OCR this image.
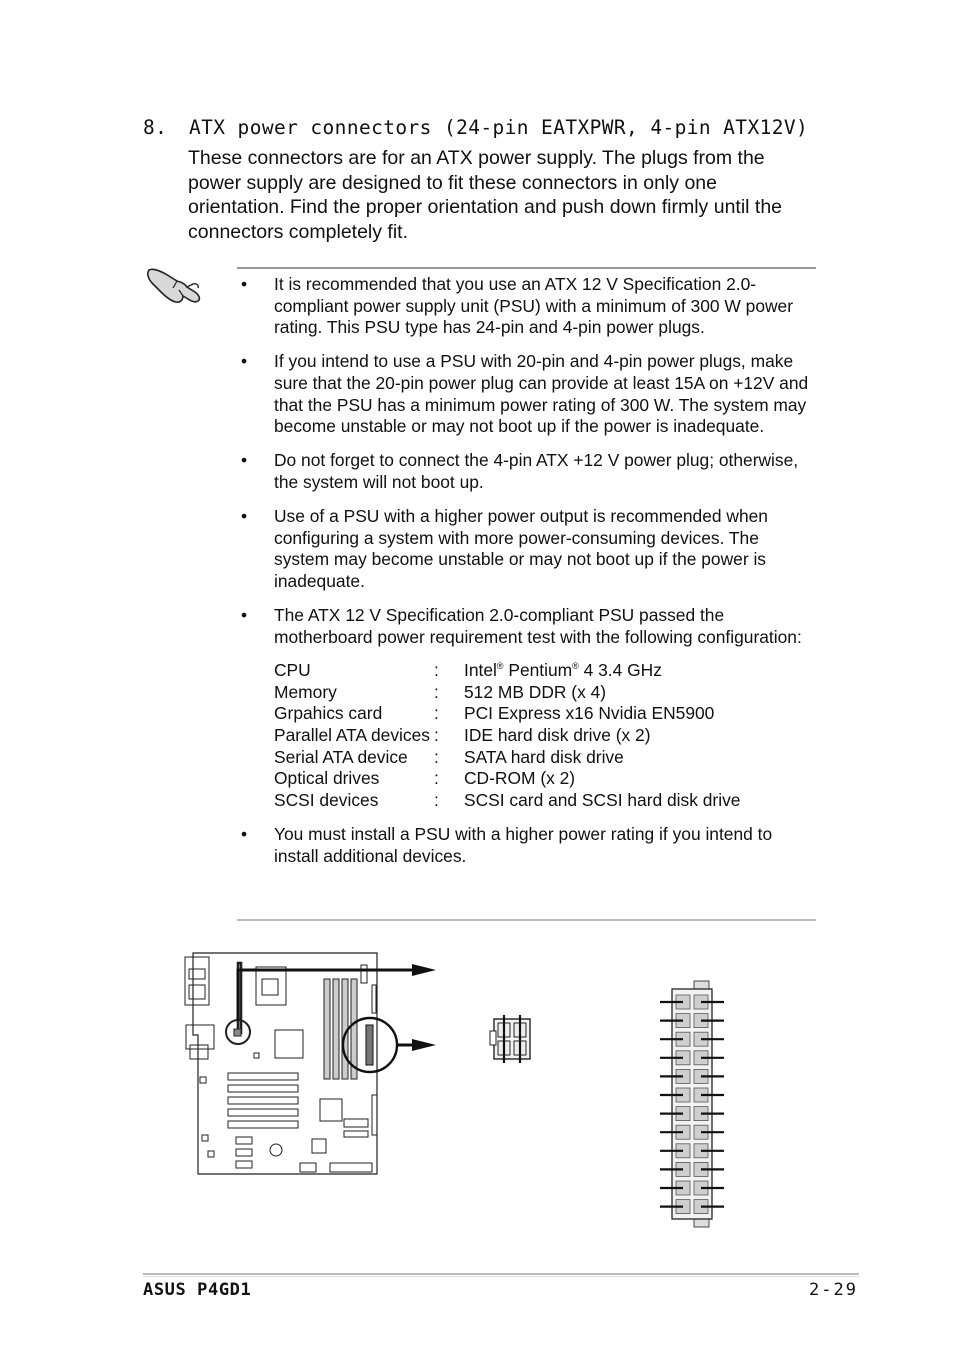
8. ATX power connectors (24-pin EATXPWR, 4-pin ATX12V)
These connectors are for an ATX power supply. The plugs from the power supply are designed to fit these connectors in only one orientation. Find the proper orientation and push down firmly until the connectors completely fit.
• It is recommended that you use an ATX 12 V Specification 2.0-compliant power supply unit (PSU) with a minimum of 300 W power rating. This PSU type has 24-pin and 4-pin power plugs.
• If you intend to use a PSU with 20-pin and 4-pin power plugs, make sure that the 20-pin power plug can provide at least 15A on +12V and that the PSU has a minimum power rating of 300 W. The system may become unstable or may not boot up if the power is inadequate.
• Do not forget to connect the 4-pin ATX +12 V power plug; otherwise, the system will not boot up.
• Use of a PSU with a higher power output is recommended when configuring a system with more power-consuming devices. The system may become unstable or may not boot up if the power is inadequate.
• The ATX 12 V Specification 2.0-compliant PSU passed the motherboard power requirement test with the following configuration:
CPU	:	Intel® Pentium® 4 3.4 GHz
Memory	:	512 MB DDR (x 4)
Grpahics card	:	PCI Express x16 Nvidia EN5900
Parallel ATA devices	:	IDE hard disk drive (x 2)
Serial ATA device	:	SATA hard disk drive
Optical drives	:	CD-ROM (x 2)
SCSI devices	:	SCSI card and SCSI hard disk drive
• You must install a PSU with a higher power rating if you intend to install additional devices.
ASUS P4GD1	2-29
